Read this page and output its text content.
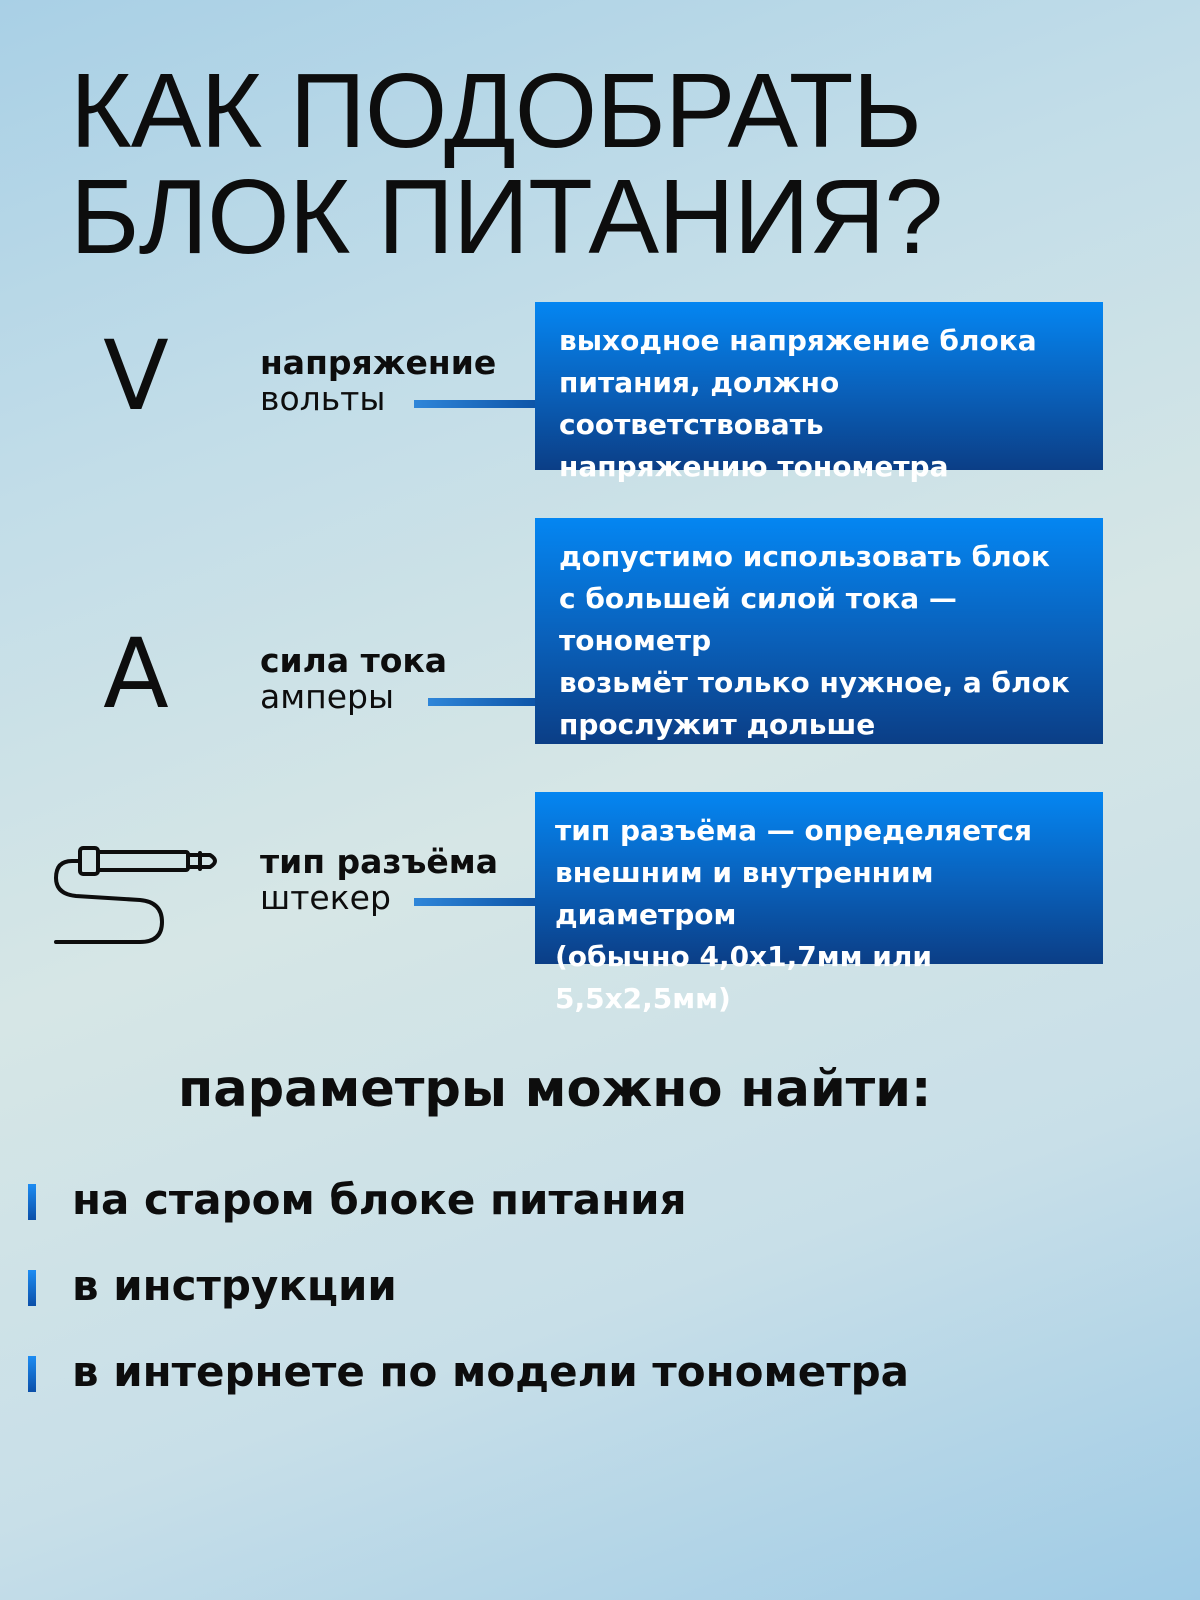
КАК ПОДОБРАТЬ
БЛОК ПИТАНИЯ?
V	напряжение
вольты
выходное напряжение блока
питания, должно соответствовать
напряжению тонометра
A	сила тока
амперы
допустимо использовать блок
с большей силой тока — тонометр
возьмёт только нужное, а блок
прослужит дольше
тип разъёма
штекер
тип разъёма — определяется
внешним и внутренним диаметром
(обычно 4,0x1,7мм или 5,5x2,5мм)
параметры можно найти:
на старом блоке питания
в инструкции
в интернете по модели тонометра
